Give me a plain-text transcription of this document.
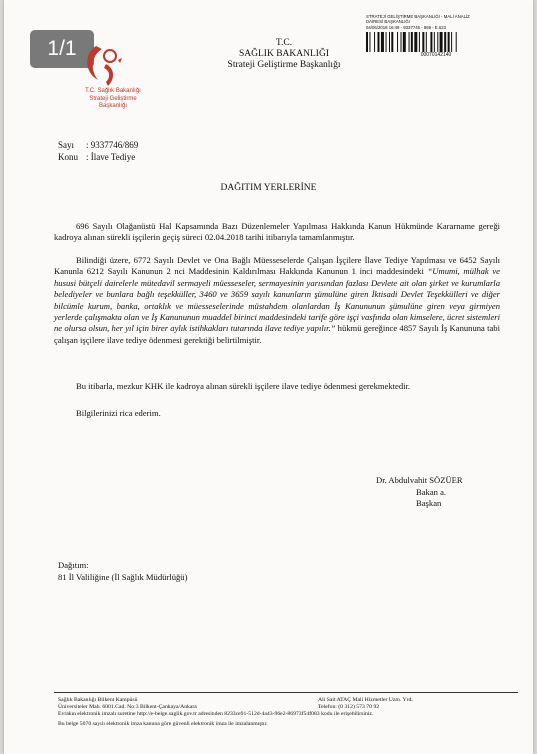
1/1
T.C. Sağlık Bakanlığı
Strateji Geliştirme
Başkanlığı
T.C.
SAĞLIK BAKANLIĞI
Strateji Geliştirme Başkanlığı
STRATEJİ GELİŞTİRME BAŞKANLIĞI - MALİ ANALİZ
DAİRESİ BAŞKANLIĞI
04/06/2018 16:49 - 9337746 - 869 - E.623
00070142140
Sayı : 9337746/869
Konu : İlave Tediye
DAĞITIM YERLERİNE

696 Sayılı Olağanüstü Hal Kapsamında Bazı Düzenlemeler Yapılması Hakkında Kanun Hükmünde Kararname gereği kadroya alınan sürekli işçilerin geçiş süreci 02.04.2018 tarihi itibarıyla tamamlanmıştır.

Bilindiği üzere, 6772 Sayılı Devlet ve Ona Bağlı Müesseselerde Çalışan İşçilere İlave Tediye Yapılması ve 6452 Sayılı Kanunla 6212 Sayılı Kanunun 2 nci Maddesinin Kaldırılması Hakkında Kanunun 1 inci maddesindeki “Umumi, mülhak ve hususi bütçeli dairelerle mütedavil sermayeli müesseseler, sermayesinin yarısından fazlası Devlete ait olan şirket ve kurumlarla belediyeler ve bunlara bağlı teşekküller, 3460 ve 3659 sayılı kanunların şümulüne giren İktisadi Devlet Teşekkülleri ve diğer bilcümle kurum, banka, ortaklık ve müesseselerinde müstahdem olanlardan İş Kanununun şümulüne giren veya girmiyen yerlerde çalışmakta olan ve İş Kanununun muaddel birinci maddesindeki tarife göre işçi vasfında olan kimselere, ücret sistemleri ne olursa olsun, her yıl için birer aylık istihkakları tutarında ilave tediye yapılır.” hükmü gereğince 4857 Sayılı İş Kanununa tabi çalışan işçilere ilave tediye ödenmesi gerektiği belirtilmiştir.

Bu itibarla, mezkur KHK ile kadroya alınan sürekli işçilere ilave tediye ödenmesi gerekmektedir.

Bilgilerinizi rica ederim.

Dr. Abdulvahit SÖZÜER
Bakan a.
Başkan
Dağıtım:
81 İl Valiliğine (İl Sağlık Müdürlüğü)
Sağlık Bakanlığı Bilkent Kampüsü	Ali Sait ATAÇ Mali Hizmetler Uzm. Yrd.
Üniversiteler Mah. 6001.Cad. No:3 Bilkent-Çankaya/Ankara	Telefon: (0 312) 573 70 92
Evrakın elektronik imzalı suretine http://e-belge.saglik.gov.tr adresinden 8233ce91-512d-4a43-96e2-86973f54f083 kodu ile erişebilirsiniz.
Bu belge 5070 sayılı elektronik imza kanuna göre güvenli elektronik imza ile imzalanmıştır.
